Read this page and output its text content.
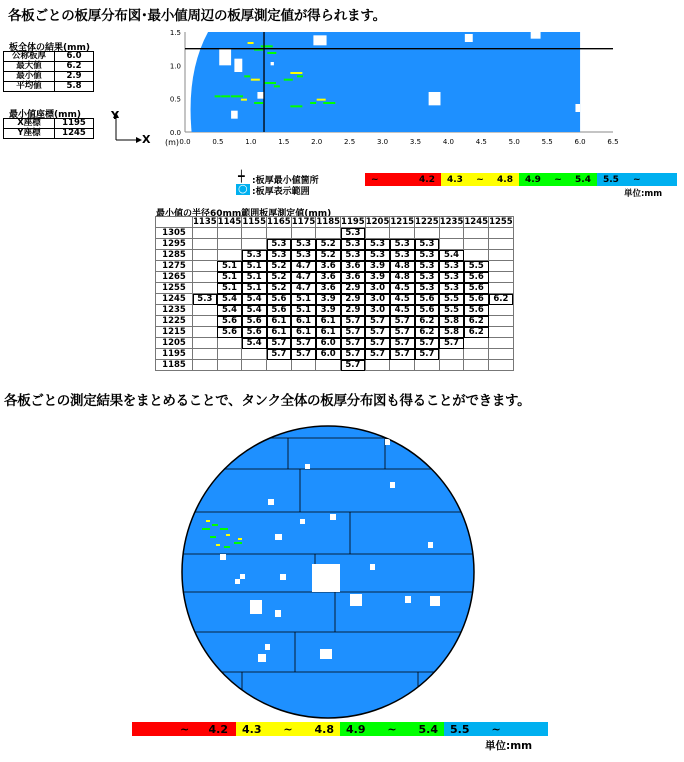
各板ごとの板厚分布図･最小値周辺の板厚測定値が得られます。
板全体の結果(mm)
公称板厚	6.0
最大値	6.2
最小値	2.9
平均値	5.8
最小値座標(mm)
X座標	1195
Y座標	1245
Y
X	0.0	0.5	1.0	1.5	2.0	2.5	3.0	3.5	4.0	4.5	5.0	5.5	6.0	6.5
0.0
0.5
1.0
1.5
(m)
┿ :板厚最小値箇所
○ :板厚表示範囲
~	4.2 4.3 ~ 4.8 4.9 ~ 5.4 5.5 ~
単位:mm
最小値の半径60mm範囲板厚測定値(mm)
	1135	1145	1155	1165	1175	1185	1195	1205	1215	1225	1235	1245	1255
1305							5.3						
1295				5.3	5.3	5.2	5.3	5.3	5.3	5.3			
1285			5.3	5.3	5.3	5.2	5.3	5.3	5.3	5.3	5.4		
1275		5.1	5.1	5.2	4.7	3.6	3.6	3.9	4.8	5.3	5.3	5.5	
1265		5.1	5.1	5.2	4.7	3.6	3.6	3.9	4.8	5.3	5.3	5.6	
1255		5.1	5.1	5.2	4.7	3.6	2.9	3.0	4.5	5.3	5.3	5.6	
1245	5.3	5.4	5.4	5.6	5.1	3.9	2.9	3.0	4.5	5.6	5.5	5.6	6.2
1235		5.4	5.4	5.6	5.1	3.9	2.9	3.0	4.5	5.6	5.5	5.6	
1225		5.6	5.6	6.1	6.1	6.1	5.7	5.7	5.7	6.2	5.8	6.2	
1215		5.6	5.6	6.1	6.1	6.1	5.7	5.7	5.7	6.2	5.8	6.2	
1205			5.4	5.7	5.7	6.0	5.7	5.7	5.7	5.7	5.7		
1195				5.7	5.7	6.0	5.7	5.7	5.7	5.7			
1185							5.7						
各板ごとの測定結果をまとめることで、タンク全体の板厚分布図も得ることができます。
~ 4.2 4.3 ~ 4.8 4.9 ~ 5.4 5.5 ~
単位:mm
